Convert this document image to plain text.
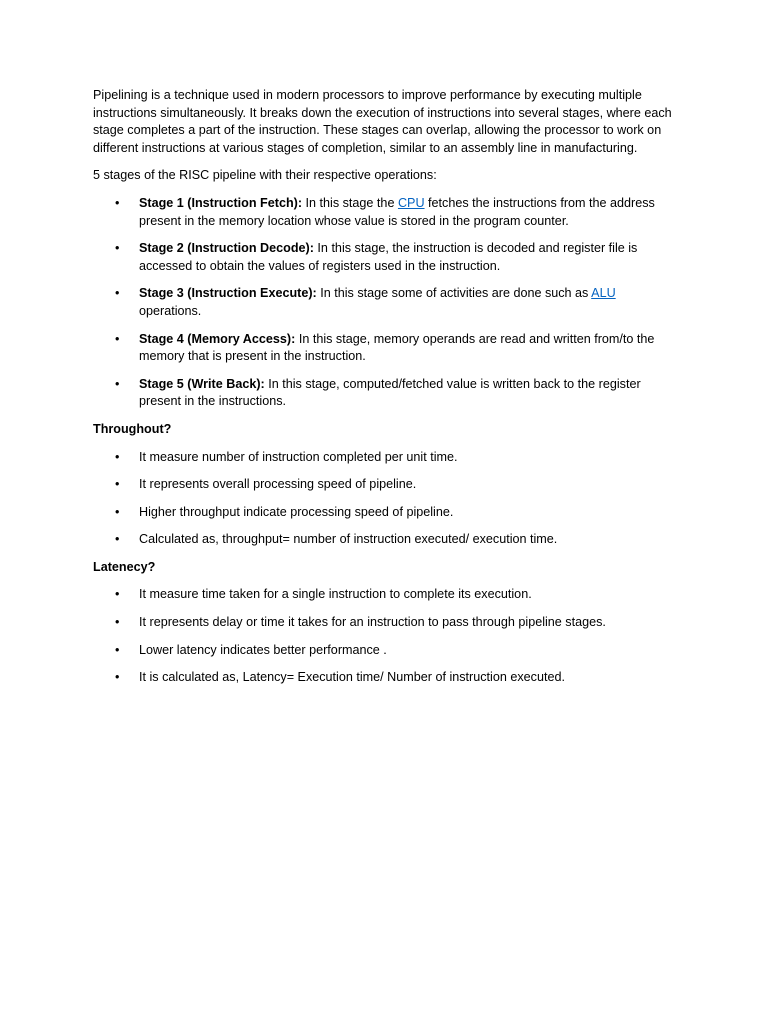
Pipelining is a technique used in modern processors to improve performance by executing multiple instructions simultaneously. It breaks down the execution of instructions into several stages, where each stage completes a part of the instruction. These stages can overlap, allowing the processor to work on different instructions at various stages of completion, similar to an assembly line in manufacturing.

5 stages of the RISC pipeline with their respective operations:

• Stage 1 (Instruction Fetch): In this stage the CPU fetches the instructions from the address present in the memory location whose value is stored in the program counter.
• Stage 2 (Instruction Decode): In this stage, the instruction is decoded and register file is accessed to obtain the values of registers used in the instruction.
• Stage 3 (Instruction Execute): In this stage some of activities are done such as ALU operations.
• Stage 4 (Memory Access): In this stage, memory operands are read and written from/to the memory that is present in the instruction.
• Stage 5 (Write Back): In this stage, computed/fetched value is written back to the register present in the instructions.

Throughout?

• It measure number of instruction completed per unit time.
• It represents overall processing speed of pipeline.
• Higher throughput indicate processing speed of pipeline.
• Calculated as, throughput= number of instruction executed/ execution time.

Latenecy?

• It measure time taken for a single instruction to complete its execution.
• It represents delay or time it takes for an instruction to pass through pipeline stages.
• Lower latency indicates better performance .
• It is calculated as, Latency= Execution time/ Number of instruction executed.
